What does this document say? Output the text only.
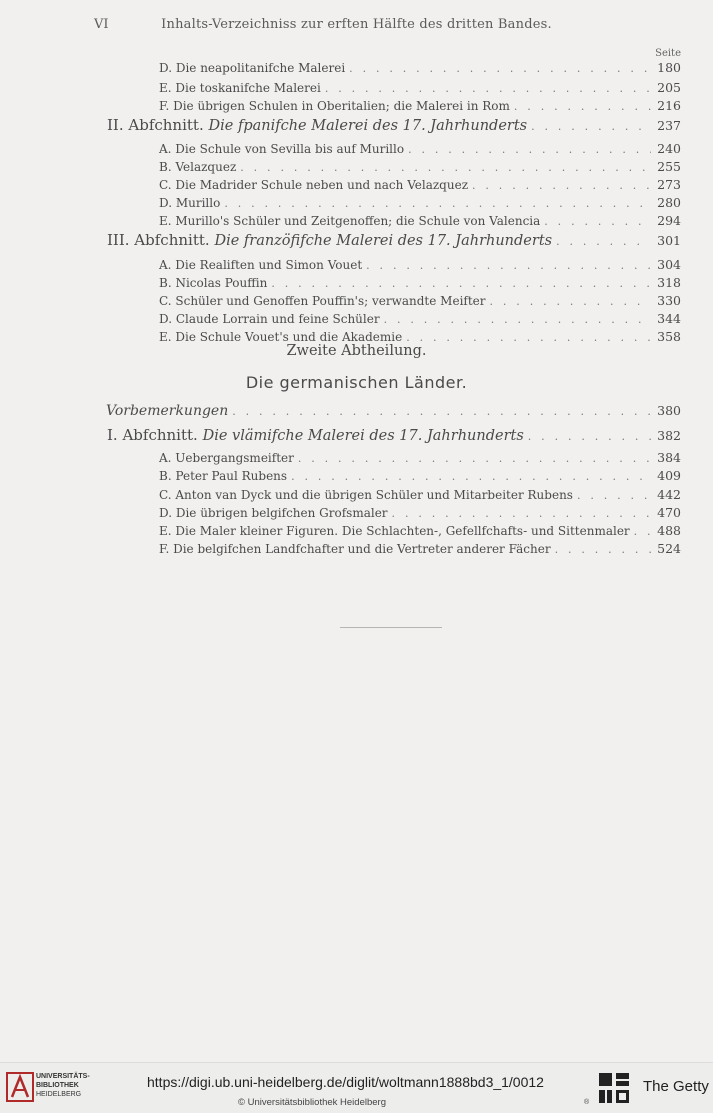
VI	Inhalts-Verzeichniss zur erften Hälfte des dritten Bandes.
Seite
D. Die neapolitanifche Malerei . . .	180
E. Die toskanifche Malerei . . .	205
F. Die übrigen Schulen in Oberitalien; die Malerei in Rom . . .	216
II. Abfchnitt. Die fpanifche Malerei des 17. Jahrhunderts . . .	237
A. Die Schule von Sevilla bis auf Murillo . . .	240
B. Velazquez . . .	255
C. Die Madrider Schule neben und nach Velazquez . . .	273
D. Murillo . . .	280
E. Murillo's Schüler und Zeitgenoffen; die Schule von Valencia . . .	294
III. Abfchnitt. Die franzöfifche Malerei des 17. Jahrhunderts . . .	301
A. Die Realiften und Simon Vouet . . .	304
B. Nicolas Pouffin . . .	318
C. Schüler und Genoffen Pouffin's; verwandte Meifter . . .	330
D. Claude Lorrain und feine Schüler . . .	344
E. Die Schule Vouet's und die Akademie . . .	358
Zweite Abtheilung.
Die germanischen Länder.
Vorbemerkungen . . .	380
I. Abfchnitt. Die vlämifche Malerei des 17. Jahrhunderts . . .	382
A. Uebergangsmeifter . . .	384
B. Peter Paul Rubens . . .	409
C. Anton van Dyck und die übrigen Schüler und Mitarbeiter Rubens . . .	442
D. Die übrigen belgifchen Grofsmaler . . .	470
E. Die Maler kleiner Figuren. Die Schlachten-, Gefellfchafts- und Sittenmaler . . .	488
F. Die belgifchen Landfchafter und die Vertreter anderer Fächer . . .	524
UNIVERSITÄTS-
BIBLIOTHEK
HEIDELBERG
https://digi.ub.uni-heidelberg.de/diglit/woltmann1888bd3_1/0012
© Universitätsbibliothek Heidelberg	®
The Getty
